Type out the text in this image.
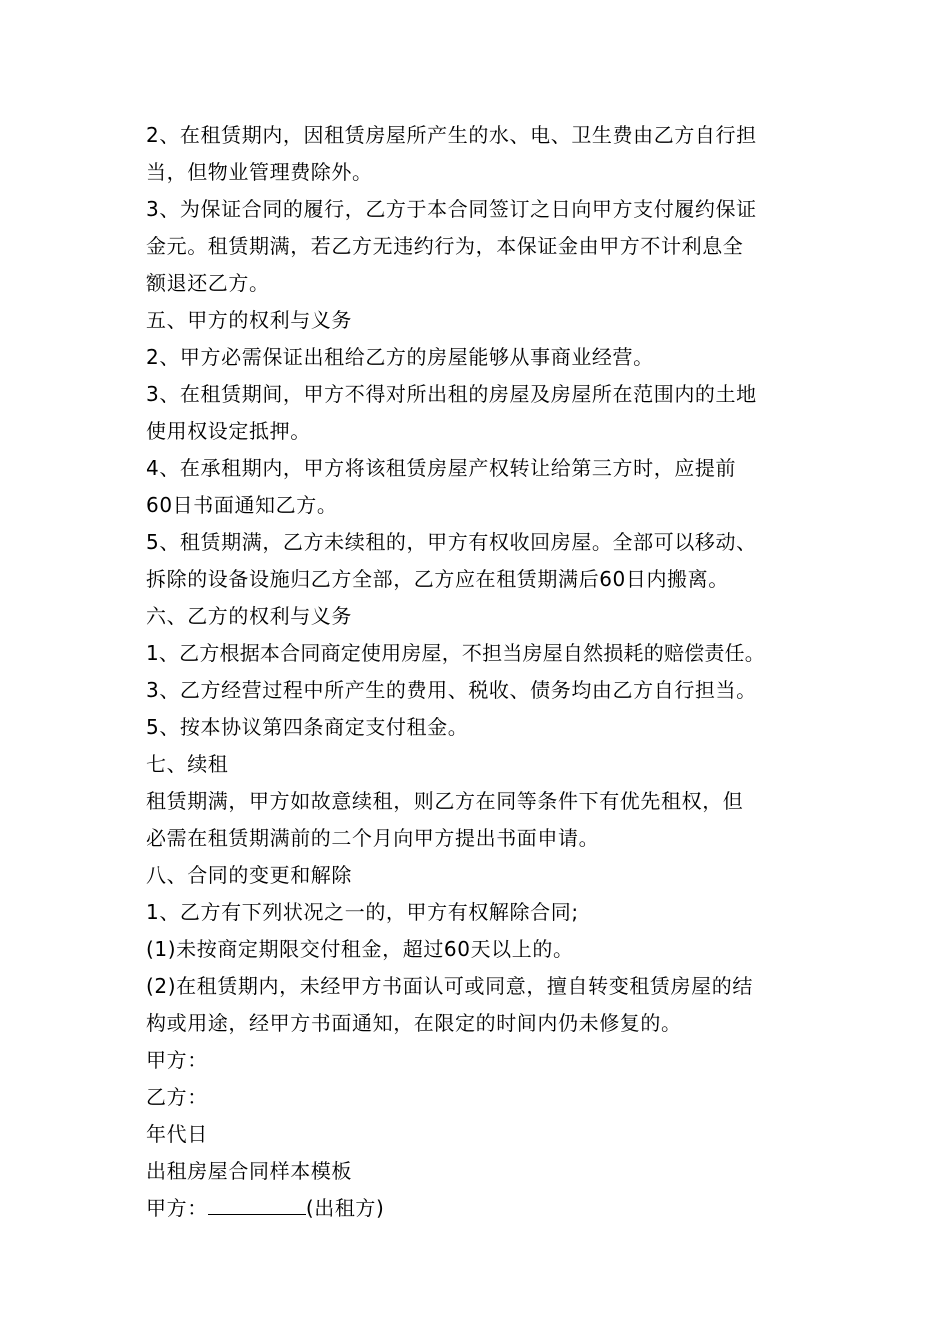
2、在租赁期内，因租赁房屋所产生的水、电、卫生费由乙方自行担
当，但物业管理费除外。
3、为保证合同的履行，乙方于本合同签订之日向甲方支付履约保证
金元。租赁期满，若乙方无违约行为，本保证金由甲方不计利息全
额退还乙方。
五、甲方的权利与义务
2、甲方必需保证出租给乙方的房屋能够从事商业经营。
3、在租赁期间，甲方不得对所出租的房屋及房屋所在范围内的土地
使用权设定抵押。
4、在承租期内，甲方将该租赁房屋产权转让给第三方时，应提前
60日书面通知乙方。
5、租赁期满，乙方未续租的，甲方有权收回房屋。全部可以移动、
拆除的设备设施归乙方全部，乙方应在租赁期满后60日内搬离。
六、乙方的权利与义务
1、乙方根据本合同商定使用房屋，不担当房屋自然损耗的赔偿责任。
3、乙方经营过程中所产生的费用、税收、债务均由乙方自行担当。
5、按本协议第四条商定支付租金。
七、续租
租赁期满，甲方如故意续租，则乙方在同等条件下有优先租权，但
必需在租赁期满前的二个月向甲方提出书面申请。
八、合同的变更和解除
1、乙方有下列状况之一的，甲方有权解除合同;
(1)未按商定期限交付租金，超过60天以上的。
(2)在租赁期内，未经甲方书面认可或同意，擅自转变租赁房屋的结
构或用途，经甲方书面通知，在限定的时间内仍未修复的。
甲方：
乙方：
年代日
出租房屋合同样本模板
甲方：	(出租方)
